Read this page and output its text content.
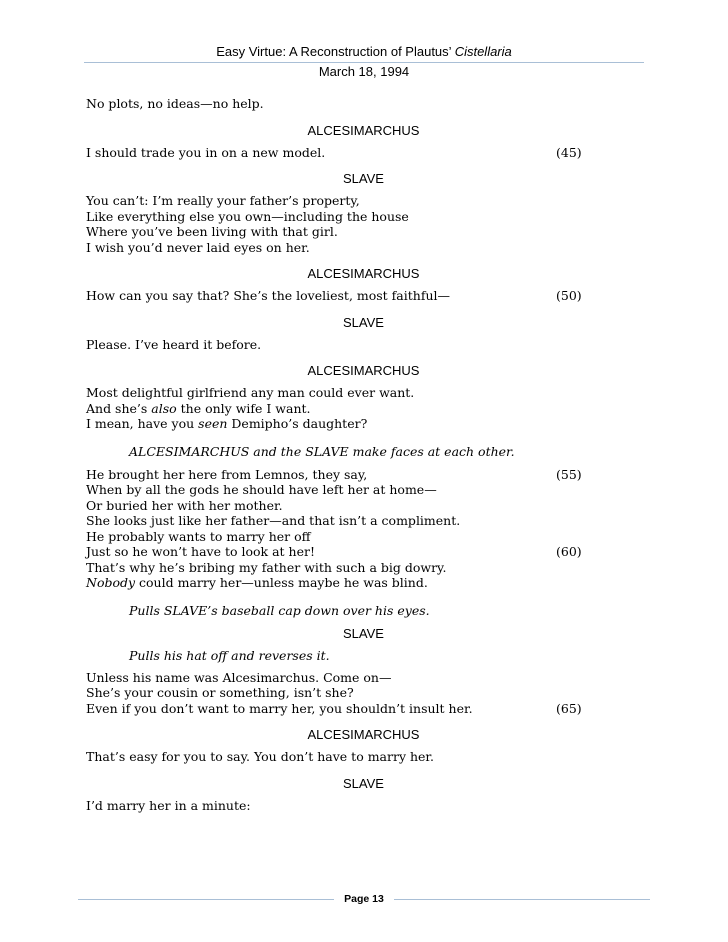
Easy Virtue: A Reconstruction of Plautus’ Cistellaria
March 18, 1994
No plots, no ideas—no help.
ALCESIMARCHUS
I should trade you in on a new model.	(45)
SLAVE
You can’t: I’m really your father’s property,
Like everything else you own—including the house
Where you’ve been living with that girl.
I wish you’d never laid eyes on her.
ALCESIMARCHUS
How can you say that? She’s the loveliest, most faithful—	(50)
SLAVE
Please. I’ve heard it before.
ALCESIMARCHUS
Most delightful girlfriend any man could ever want.
And she’s also the only wife I want.
I mean, have you seen Demipho’s daughter?
ALCESIMARCHUS and the SLAVE make faces at each other.
He brought her here from Lemnos, they say,	(55)
When by all the gods he should have left her at home—
Or buried her with her mother.
She looks just like her father—and that isn’t a compliment.
He probably wants to marry her off
Just so he won’t have to look at her!	(60)
That’s why he’s bribing my father with such a big dowry.
Nobody could marry her—unless maybe he was blind.
Pulls SLAVE’s baseball cap down over his eyes.
SLAVE
Pulls his hat off and reverses it.
Unless his name was Alcesimarchus. Come on—
She’s your cousin or something, isn’t she?
Even if you don’t want to marry her, you shouldn’t insult her.	(65)
ALCESIMARCHUS
That’s easy for you to say. You don’t have to marry her.
SLAVE
I’d marry her in a minute:
Page 13
